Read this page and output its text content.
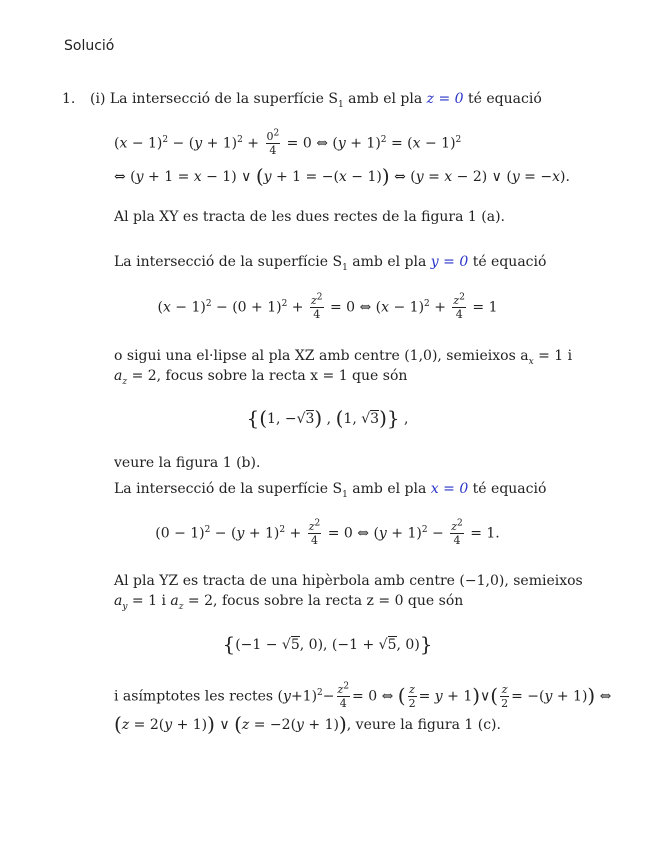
Solució
1. (i) La intersecció de la superfície $S_1$ amb el pla z = 0 té equació
$(x - 1)^2 - (y + 1)^2 + \frac{0^2}{4} = 0$ ⇔ $(y + 1)^2 = (x - 1)^2$
⇔ (y + 1 = x − 1) ∨ (y + 1 = −(x − 1)) ⇔ (y = x − 2) ∨ (y = −x).
Al pla XY es tracta de les dues rectes de la figura 1 (a).
La intersecció de la superfície $S_1$ amb el pla y = 0 té equació
$(x - 1)^2 - (0 + 1)^2 + \frac{z^2}{4} = 0$ ⇔ $(x - 1)^2 + \frac{z^2}{4} = 1$
o sigui una el·lipse al pla XZ amb centre (1,0), semieixos $a_x = 1$ i
$a_z = 2$, focus sobre la recta x = 1 que són
{(1, −√3) , (1, √3)} ,
veure la figura 1 (b).
La intersecció de la superfície $S_1$ amb el pla x = 0 té equació
$(0 - 1)^2 - (y + 1)^2 + \frac{z^2}{4} = 0$ ⇔ $(y + 1)^2 - \frac{z^2}{4} = 1$.
Al pla YZ es tracta de una hipèrbola amb centre (−1,0), semieixos
$a_y = 1$ i $a_z = 2$, focus sobre la recta z = 0 que són
{(−1 − √5, 0), (−1 + √5, 0)}
i asímptotes les rectes $(y+1)^2- \frac{z^2}{4} = 0$ ⇔ ( $\frac{z}{2} = y$ + 1)∨( $\frac{z}{2} = -(y + 1)$) ⇔
(z = 2(y + 1)) ∨ (z = −2(y + 1)), veure la figura 1 (c).
